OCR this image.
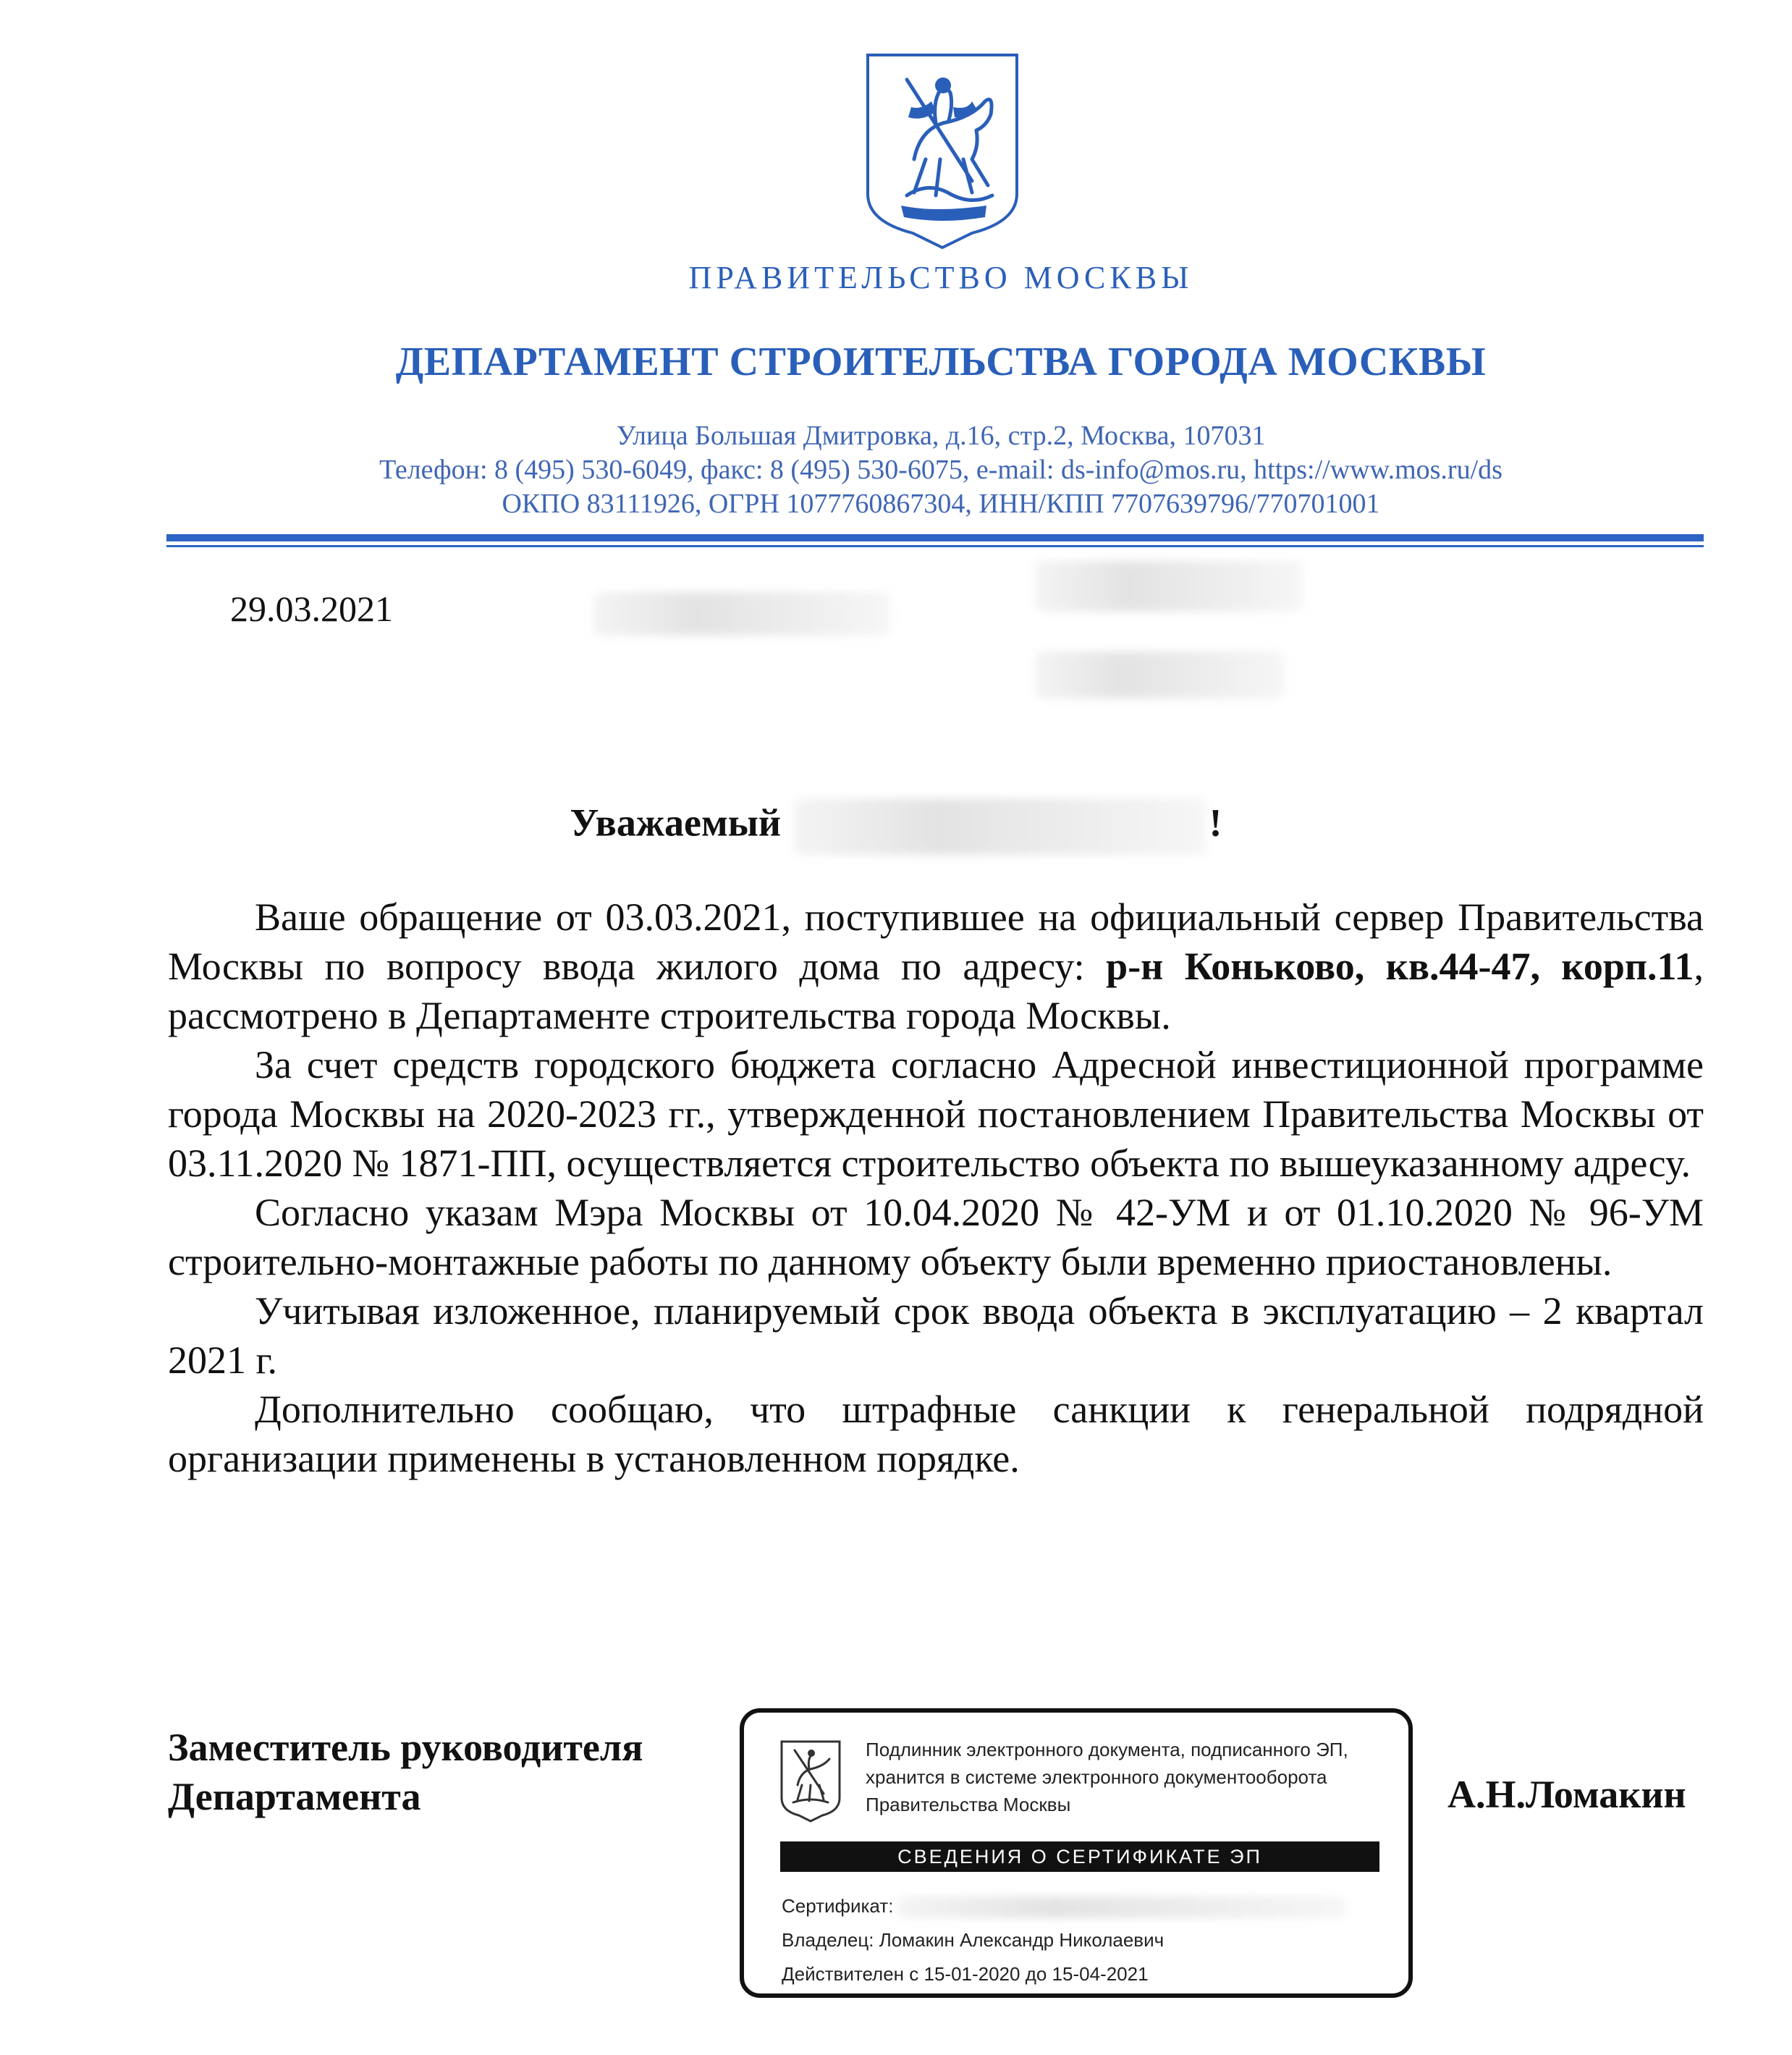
ПРАВИТЕЛЬСТВО МОСКВЫ
ДЕПАРТАМЕНТ СТРОИТЕЛЬСТВА ГОРОДА МОСКВЫ
Улица Большая Дмитровка, д.16, стр.2, Москва, 107031
Телефон: 8 (495) 530-6049, факс: 8 (495) 530-6075, e-mail: ds-info@mos.ru, https://www.mos.ru/ds
ОКПО 83111926, ОГРН 1077760867304, ИНН/КПП 7707639796/770701001
29.03.2021
Уважаемый	!

Ваше обращение от 03.03.2021, поступившее на официальный сервер Правительства Москвы по вопросу ввода жилого дома по адресу: р-н Коньково, кв.44-47, корп.11, рассмотрено в Департаменте строительства города Москвы.

За счет средств городского бюджета согласно Адресной инвестиционной программе города Москвы на 2020-2023 гг., утвержденной постановлением Правительства Москвы от 03.11.2020 № 1871-ПП, осуществляется строительство объекта по вышеуказанному адресу.

Согласно указам Мэра Москвы от 10.04.2020 № 42-УМ и от 01.10.2020 № 96-УМ строительно-монтажные работы по данному объекту были временно приостановлены.

Учитывая изложенное, планируемый срок ввода объекта в эксплуатацию – 2 квартал 2021 г.

Дополнительно сообщаю, что штрафные санкции к генеральной подрядной организации применены в установленном порядке.

Заместитель руководителя
Департамента
Подлинник электронного документа, подписанного ЭП, хранится в системе электронного документооборота Правительства Москвы
СВЕДЕНИЯ О СЕРТИФИКАТЕ ЭП
Сертификат:
Владелец: Ломакин Александр Николаевич
Действителен с 15-01-2020 до 15-04-2021
А.Н.Ломакин
